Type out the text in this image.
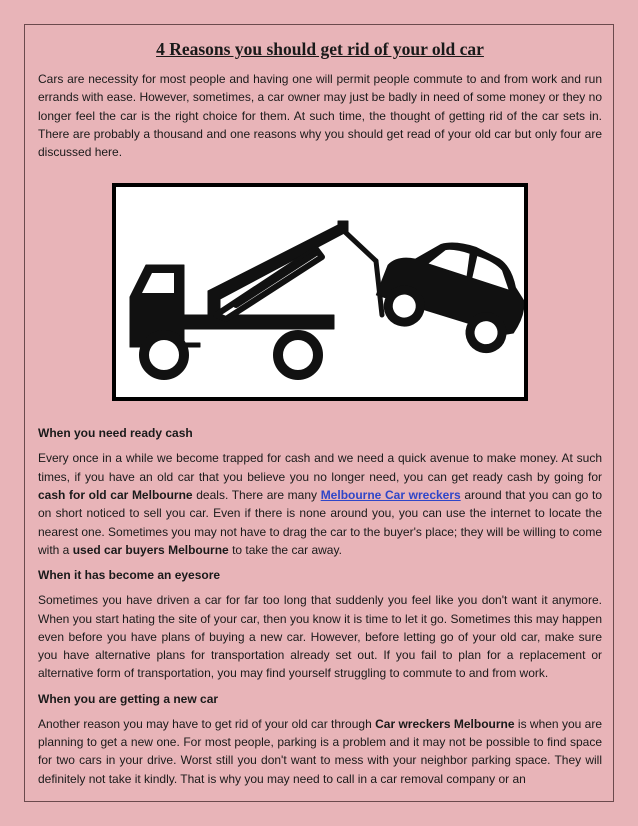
4 Reasons you should get rid of your old car

Cars are necessity for most people and having one will permit people commute to and from work and run errands with ease. However, sometimes, a car owner may just be badly in need of some money or they no longer feel the car is the right choice for them. At such time, the thought of getting rid of the car sets in. There are probably a thousand and one reasons why you should get read of your old car but only four are discussed here.

When you need ready cash

Every once in a while we become trapped for cash and we need a quick avenue to make money. At such times, if you have an old car that you believe you no longer need, you can get ready cash by going for cash for old car Melbourne deals. There are many Melbourne Car wreckers around that you can go to on short noticed to sell you car. Even if there is none around you, you can use the internet to locate the nearest one. Sometimes you may not have to drag the car to the buyer's place; they will be willing to come with a used car buyers Melbourne to take the car away.

When it has become an eyesore

Sometimes you have driven a car for far too long that suddenly you feel like you don't want it anymore. When you start hating the site of your car, then you know it is time to let it go. Sometimes this may happen even before you have plans of buying a new car. However, before letting go of your old car, make sure you have alternative plans for transportation already set out. If you fail to plan for a replacement or alternative form of transportation, you may find yourself struggling to commute to and from work.

When you are getting a new car

Another reason you may have to get rid of your old car through Car wreckers Melbourne is when you are planning to get a new one. For most people, parking is a problem and it may not be possible to find space for two cars in your drive. Worst still you don't want to mess with your neighbor parking space. They will definitely not take it kindly. That is why you may need to call in a car removal company or an
